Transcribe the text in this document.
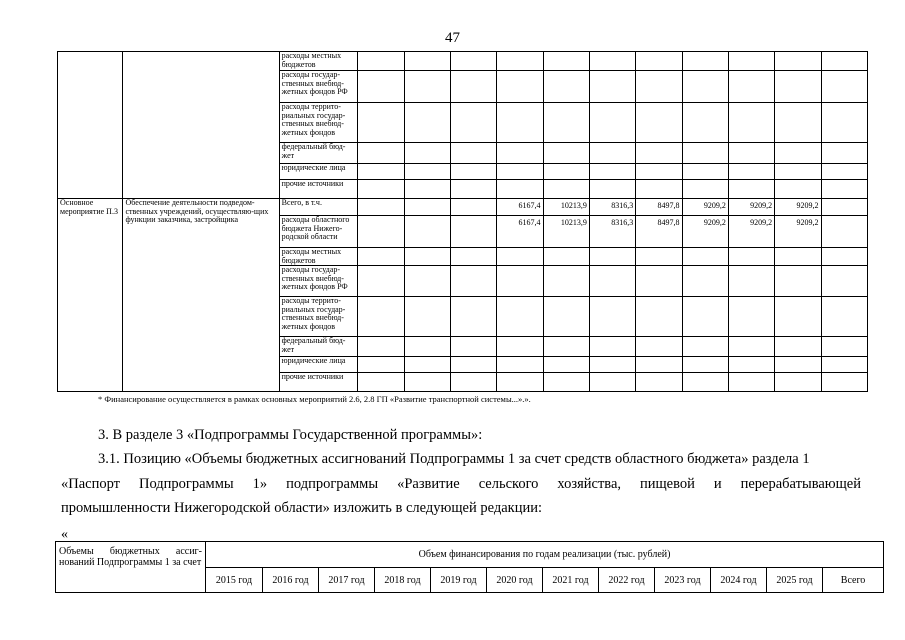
47
		расходы местных бюджетов											
		расходы государ-ственных внебюд-жетных фондов РФ											
		расходы террито-риальных государ-ственных внебюд-жетных фондов											
		федеральный бюд-жет											
		юридические лица											
		прочие источники											
Основное мероприятие П.3	Обеспечение деятельности подведом-ственных учреждений, осуществляю-щих функции заказчика, застройщика	Всего, в т.ч.				6167,4	10213,9	8316,3	8497,8	9209,2	9209,2	9209,2	
		расходы областного бюджета Нижего-родской области				6167,4	10213,9	8316,3	8497,8	9209,2	9209,2	9209,2	
		расходы местных бюджетов											
		расходы государ-ственных внебюд-жетных фондов РФ											
		расходы террито-риальных государ-ственных внебюд-жетных фондов											
		федеральный бюд-жет											
		юридические лица											
		прочие источники											
* Финансирование осуществляется в рамках основных мероприятий 2.6, 2.8 ГП «Развитие транспортной системы...».».
3. В разделе 3 «Подпрограммы Государственной программы»:
3.1. Позицию «Объемы бюджетных ассигнований Подпрограммы 1 за счет средств областного бюджета» раздела 1
«Паспорт Подпрограммы 1» подпрограммы «Развитие сельского хозяйства, пищевой и перерабатывающей
промышленности Нижегородской области» изложить в следующей редакции:
«
Объемы бюджетных ассиг-нований Подпрограммы 1 за счет	Объем финансирования по годам реализации (тыс. рублей)											
	2015 год	2016 год	2017 год	2018 год	2019 год	2020 год	2021 год	2022 год	2023 год	2024 год	2025 год	Всего
